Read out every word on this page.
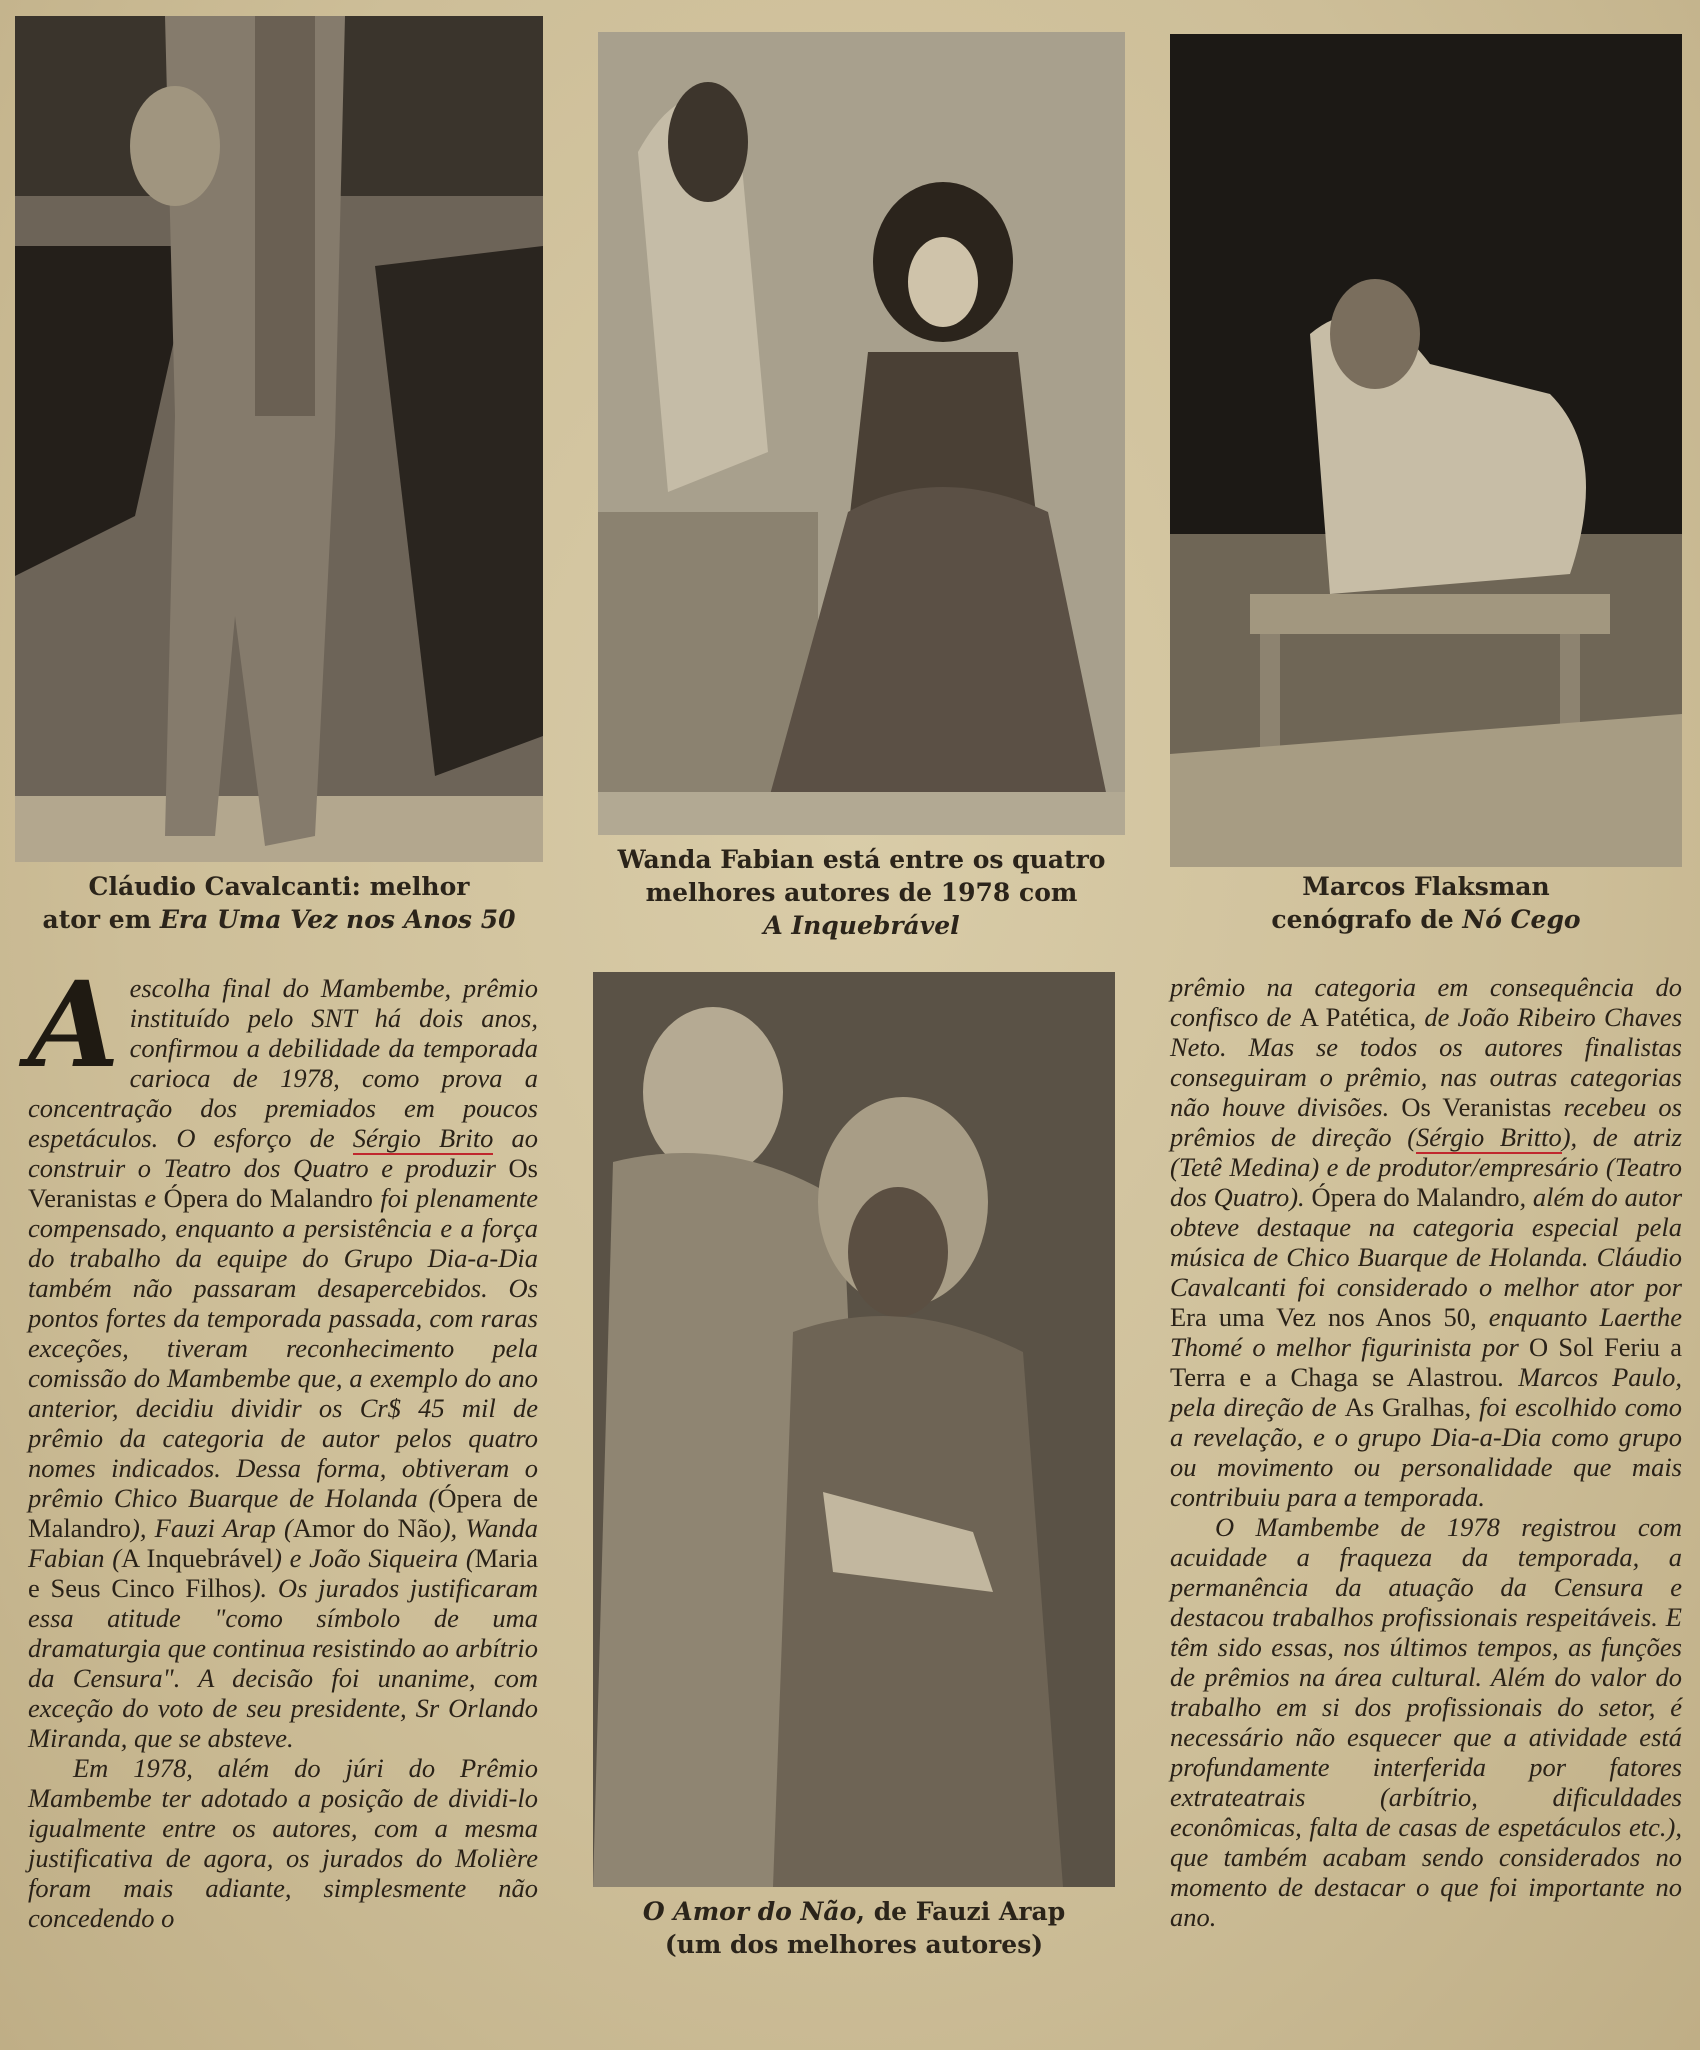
Cláudio Cavalcanti: melhor
ator em Era Uma Vez nos Anos 50
Wanda Fabian está entre os quatro
melhores autores de 1978 com
A Inquebrável
Marcos Flaksman
cenógrafo de Nó Cego
O Amor do Não, de Fauzi Arap
(um dos melhores autores)

Aescolha final do Mambembe, prêmio instituído pelo SNT há dois anos, confirmou a debilidade da temporada carioca de 1978, como prova a concentração dos premiados em poucos espetáculos. O esforço de Sérgio Brito ao construir o Teatro dos Quatro e produzir Os Veranistas e Ópera do Malandro foi plenamente compensado, enquanto a persistência e a força do trabalho da equipe do Grupo Dia-a-Dia também não passaram desapercebidos. Os pontos fortes da temporada passada, com raras exceções, tiveram reconhecimento pela comissão do Mambembe que, a exemplo do ano anterior, decidiu dividir os Cr$ 45 mil de prêmio da categoria de autor pelos quatro nomes indicados. Dessa forma, obtiveram o prêmio Chico Buarque de Holanda (Ópera de Malandro), Fauzi Arap (Amor do Não), Wanda Fabian (A Inquebrável) e João Siqueira (Maria e Seus Cinco Filhos). Os jurados justificaram essa atitude "como símbolo de uma dramaturgia que continua resistindo ao arbítrio da Censura". A decisão foi unanime, com exceção do voto de seu presidente, Sr Orlando Miranda, que se absteve.

Em 1978, além do júri do Prêmio Mambembe ter adotado a posição de dividi-lo igualmente entre os autores, com a mesma justificativa de agora, os jurados do Molière foram mais adiante, simplesmente não concedendo o

prêmio na categoria em consequência do confisco de A Patética, de João Ribeiro Chaves Neto. Mas se todos os autores finalistas conseguiram o prêmio, nas outras categorias não houve divisões. Os Veranistas recebeu os prêmios de direção (Sérgio Britto), de atriz (Tetê Medina) e de produtor/empresário (Teatro dos Quatro). Ópera do Malandro, além do autor obteve destaque na categoria especial pela música de Chico Buarque de Holanda. Cláudio Cavalcanti foi considerado o melhor ator por Era uma Vez nos Anos 50, enquanto Laerthe Thomé o melhor figurinista por O Sol Feriu a Terra e a Chaga se Alastrou. Marcos Paulo, pela direção de As Gralhas, foi escolhido como a revelação, e o grupo Dia-a-Dia como grupo ou movimento ou personalidade que mais contribuiu para a temporada.

O Mambembe de 1978 registrou com acuidade a fraqueza da temporada, a permanência da atuação da Censura e destacou trabalhos profissionais respeitáveis. E têm sido essas, nos últimos tempos, as funções de prêmios na área cultural. Além do valor do trabalho em si dos profissionais do setor, é necessário não esquecer que a atividade está profundamente interferida por fatores extrateatrais (arbítrio, dificuldades econômicas, falta de casas de espetáculos etc.), que também acabam sendo considerados no momento de destacar o que foi importante no ano.
